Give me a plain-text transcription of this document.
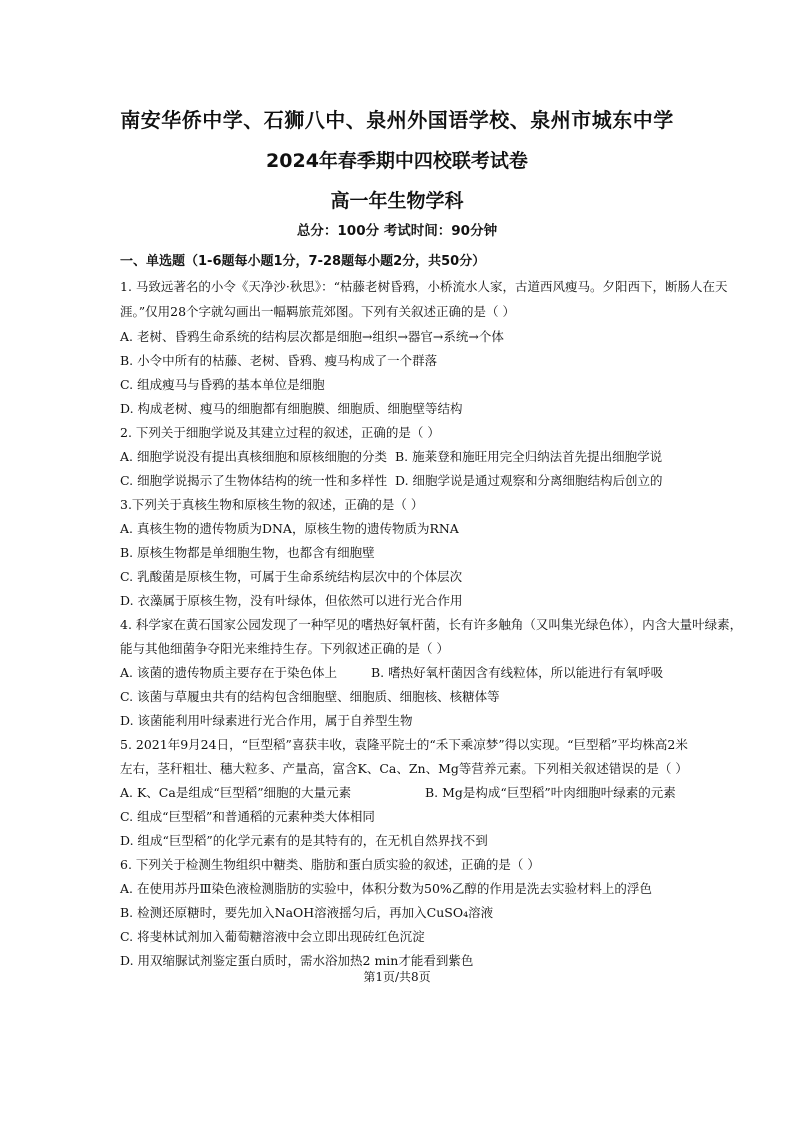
南安华侨中学、石狮八中、泉州外国语学校、泉州市城东中学
2024年春季期中四校联考试卷
高一年生物学科
总分：100分 考试时间：90分钟
一、单选题（1-6题每小题1分，7-28题每小题2分，共50分）
1. 马致远著名的小令《天净沙·秋思》：“枯藤老树昏鸦，小桥流水人家，古道西风瘦马。夕阳西下，断肠人在天
涯。”仅用28个字就勾画出一幅羁旅荒郊图。下列有关叙述正确的是（ ）
A. 老树、昏鸦生命系统的结构层次都是细胞→组织→器官→系统→个体
B. 小令中所有的枯藤、老树、昏鸦、瘦马构成了一个群落
C. 组成瘦马与昏鸦的基本单位是细胞
D. 构成老树、瘦马的细胞都有细胞膜、细胞质、细胞壁等结构
2. 下列关于细胞学说及其建立过程的叙述，正确的是（ ）
A. 细胞学说没有提出真核细胞和原核细胞的分类 B. 施莱登和施旺用完全归纳法首先提出细胞学说
C. 细胞学说揭示了生物体结构的统一性和多样性 D. 细胞学说是通过观察和分离细胞结构后创立的
3.下列关于真核生物和原核生物的叙述，正确的是（ ）
A. 真核生物的遗传物质为DNA，原核生物的遗传物质为RNA
B. 原核生物都是单细胞生物，也都含有细胞壁
C. 乳酸菌是原核生物，可属于生命系统结构层次中的个体层次
D. 衣藻属于原核生物，没有叶绿体，但依然可以进行光合作用
4. 科学家在黄石国家公园发现了一种罕见的嗜热好氧杆菌，长有许多触角（又叫集光绿色体），内含大量叶绿素，
能与其他细菌争夺阳光来维持生存。下列叙述正确的是（ ）
A. 该菌的遗传物质主要存在于染色体上	B. 嗜热好氧杆菌因含有线粒体，所以能进行有氧呼吸
C. 该菌与草履虫共有的结构包含细胞壁、细胞质、细胞核、核糖体等
D. 该菌能利用叶绿素进行光合作用，属于自养型生物
5. 2021年9月24日，“巨型稻”喜获丰收，袁隆平院士的“禾下乘凉梦”得以实现。“巨型稻”平均株高2米
左右，茎秆粗壮、穗大粒多、产量高，富含K、Ca、Zn、Mg等营养元素。下列相关叙述错误的是（ ）
A. K、Ca是组成“巨型稻”细胞的大量元素	B. Mg是构成“巨型稻”叶肉细胞叶绿素的元素
C. 组成“巨型稻”和普通稻的元素种类大体相同
D. 组成“巨型稻”的化学元素有的是其特有的，在无机自然界找不到
6. 下列关于检测生物组织中糖类、脂肪和蛋白质实验的叙述，正确的是（ ）
A. 在使用苏丹Ⅲ染色液检测脂肪的实验中，体积分数为50%乙醇的作用是洗去实验材料上的浮色
B. 检测还原糖时，要先加入NaOH溶液摇匀后，再加入CuSO₄溶液
C. 将斐林试剂加入葡萄糖溶液中会立即出现砖红色沉淀
D. 用双缩脲试剂鉴定蛋白质时，需水浴加热2 min才能看到紫色
第1页/共8页
